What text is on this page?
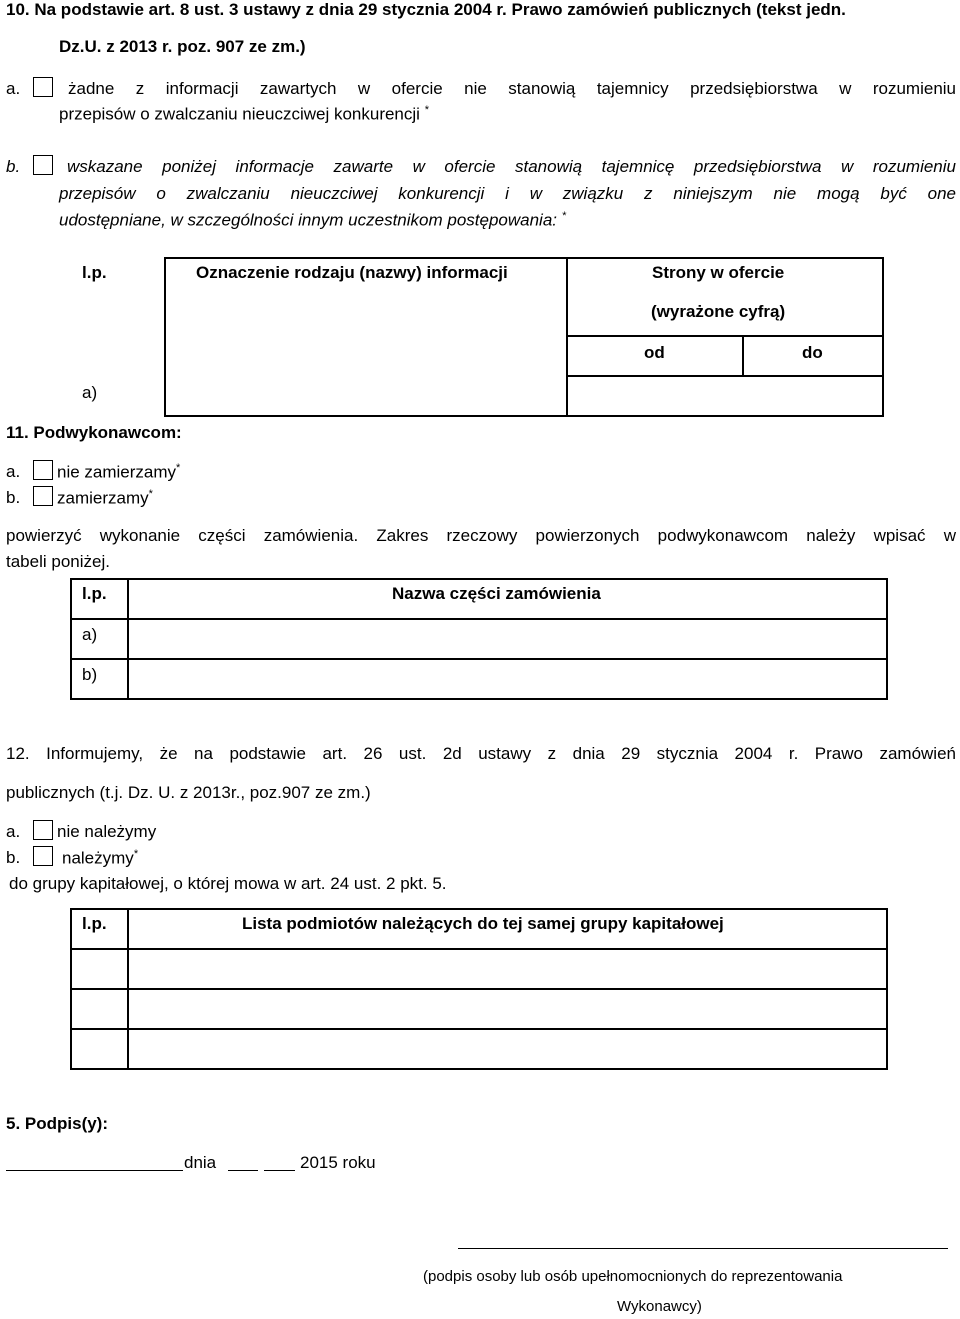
10. Na podstawie art. 8 ust. 3 ustawy z dnia 29 stycznia 2004 r. Prawo zamówień publicznych (tekst jedn.
Dz.U. z 2013 r. poz. 907 ze zm.)
a.	żadne z informacji zawartych w ofercie nie stanowią tajemnicy przedsiębiorstwa w rozumieniu
przepisów o zwalczaniu nieuczciwej konkurencji *
b.	wskazane poniżej informacje zawarte w ofercie stanowią tajemnicę przedsiębiorstwa w rozumieniu
przepisów o zwalczaniu nieuczciwej konkurencji i w związku z niniejszym nie mogą być one
udostępniane, w szczególności innym uczestnikom postępowania: *
l.p.	Oznaczenie rodzaju (nazwy) informacji	Strony w ofercie
(wyrażone cyfrą)
od	do
a)
11. Podwykonawcom:
a. nie zamierzamy*
b. zamierzamy*
powierzyć wykonanie części zamówienia. Zakres rzeczowy powierzonych podwykonawcom należy wpisać w
tabeli poniżej.
l.p.	Nazwa części zamówienia
a)
b)
12. Informujemy, że na podstawie art. 26 ust. 2d ustawy z dnia 29 stycznia 2004 r. Prawo zamówień
publicznych (t.j. Dz. U. z 2013r., poz.907 ze zm.)
a. nie należymy
b. należymy*
do grupy kapitałowej, o której mowa w art. 24 ust. 2 pkt. 5.
l.p.	Lista podmiotów należących do tej samej grupy kapitałowej
5. Podpis(y):
dnia	2015 roku
(podpis osoby lub osób upełnomocnionych do reprezentowania
Wykonawcy)
